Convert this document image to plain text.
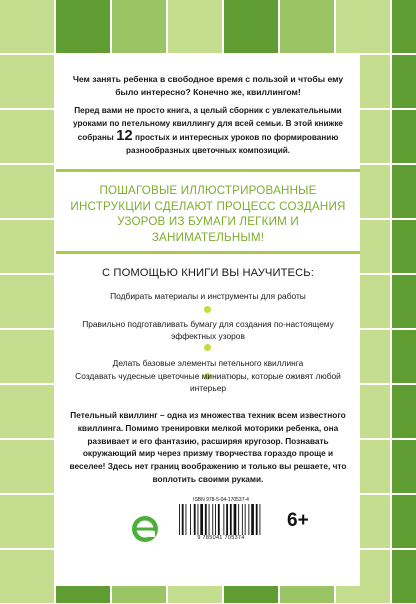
Чем занять ребенка в свободное время с пользой и чтобы ему было интересно? Конечно же, квиллингом!
Перед вами не просто книга, а целый сборник с увлекательными уроками по петельному квиллингу для всей семьи. В этой книжке собраны 12 простых и интересных уроков по формированию разнообразных цветочных композиций.
ПОШАГОВЫЕ ИЛЛЮСТРИРОВАННЫЕ ИНСТРУКЦИИ СДЕЛАЮТ ПРОЦЕСС СОЗДАНИЯ УЗОРОВ ИЗ БУМАГИ ЛЕГКИМ И ЗАНИМАТЕЛЬНЫМ!
С ПОМОЩЬЮ КНИГИ ВЫ НАУЧИТЕСЬ:
Подбирать материалы и инструменты для работы
Правильно подготавливать бумагу для создания по-настоящему эффектных узоров
Делать базовые элементы петельного квиллинга
Создавать чудесные цветочные миниатюры, которые оживят любой интерьер
Петельный квиллинг – одна из множества техник всем известного квиллинга. Помимо тренировки мелкой моторики ребенка, она развивает и его фантазию, расширяя кругозор. Познавать окружающий мир через призму творчества гораздо проще и веселее! Здесь нет границ воображению и только вы решаете, что воплотить своими руками.
ISBN 978-5-04-170537-4
9 785041 705374
6+
